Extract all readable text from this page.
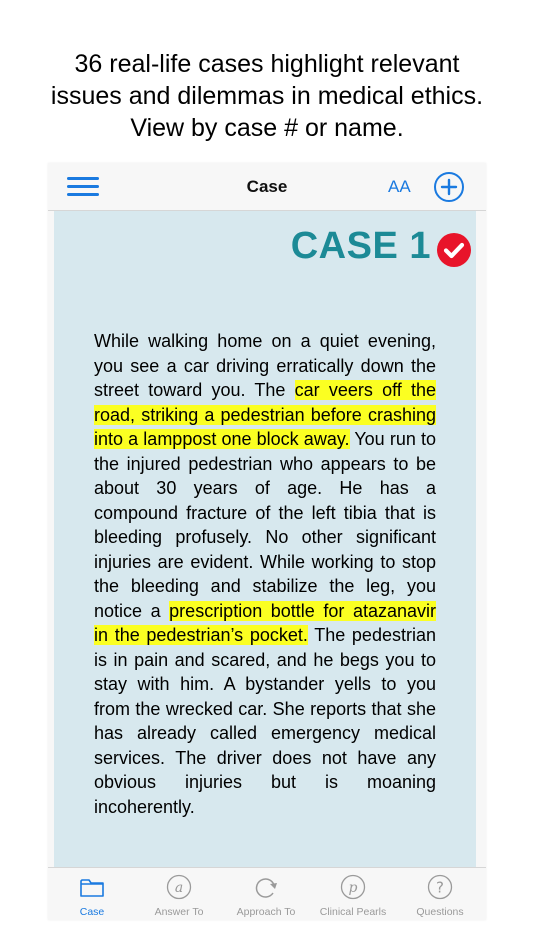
36 real-life cases highlight relevant
issues and dilemmas in medical ethics.
View by case # or name.
Case	AA
CASE 1
While walking home on a quiet evening, you see a car driving erratically down the street toward you. The car veers off the road, striking a pedestrian before crashing into a lamppost one block away. You run to the injured pedestrian who appears to be about 30 years of age. He has a compound fracture of the left tibia that is bleeding profusely. No other significant injuries are evident. While working to stop the bleeding and stabilize the leg, you notice a prescription bottle for atazanavir in the pedestrian’s pocket. The pedestrian is in pain and scared, and he begs you to stay with him. A bystander yells to you from the wrecked car. She reports that she has already called emergency medical services. The driver does not have any obvious injuries but is moaning incoherently.
Case
a
Answer To	Approach To
p
Clinical Pearls
?
Questions
